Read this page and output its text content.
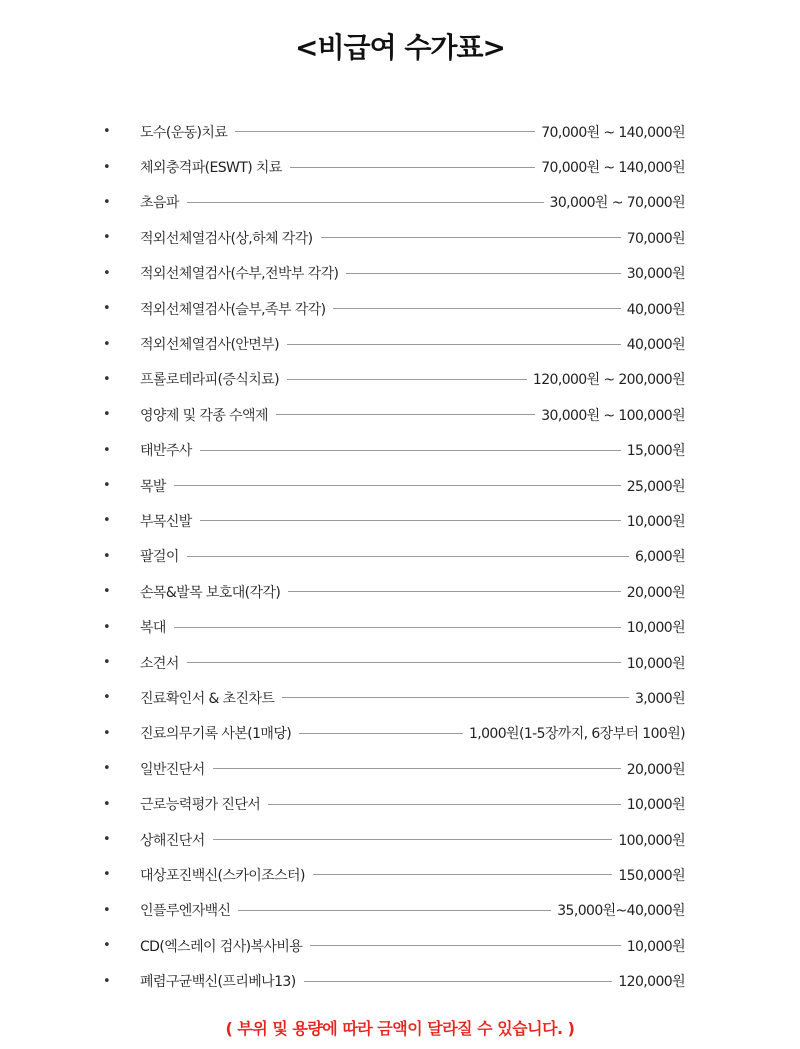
<비급여 수가표>
• 도수(운동)치료	70,000원 ~ 140,000원
• 체외충격파(ESWT) 치료	70,000원 ~ 140,000원
• 초음파	30,000원 ~ 70,000원
• 적외선체열검사(상,하체 각각)	70,000원
• 적외선체열검사(수부,전박부 각각)	30,000원
• 적외선체열검사(슬부,족부 각각)	40,000원
• 적외선체열검사(안면부)	40,000원
• 프롤로테라피(증식치료)	120,000원 ~ 200,000원
• 영양제 및 각종 수액제	30,000원 ~ 100,000원
• 태반주사	15,000원
• 목발	25,000원
• 부목신발	10,000원
• 팔걸이	6,000원
• 손목&발목 보호대(각각)	20,000원
• 복대	10,000원
• 소견서	10,000원
• 진료확인서 & 초진차트	3,000원
• 진료의무기록 사본(1매당)	1,000원(1-5장까지, 6장부터 100원)
• 일반진단서	20,000원
• 근로능력평가 진단서	10,000원
• 상해진단서	100,000원
• 대상포진백신(스카이조스터)	150,000원
• 인플루엔자백신	35,000원~40,000원
• CD(엑스레이 검사)복사비용	10,000원
• 폐렴구균백신(프리베나13)	120,000원
( 부위 및 용량에 따라 금액이 달라질 수 있습니다. )
